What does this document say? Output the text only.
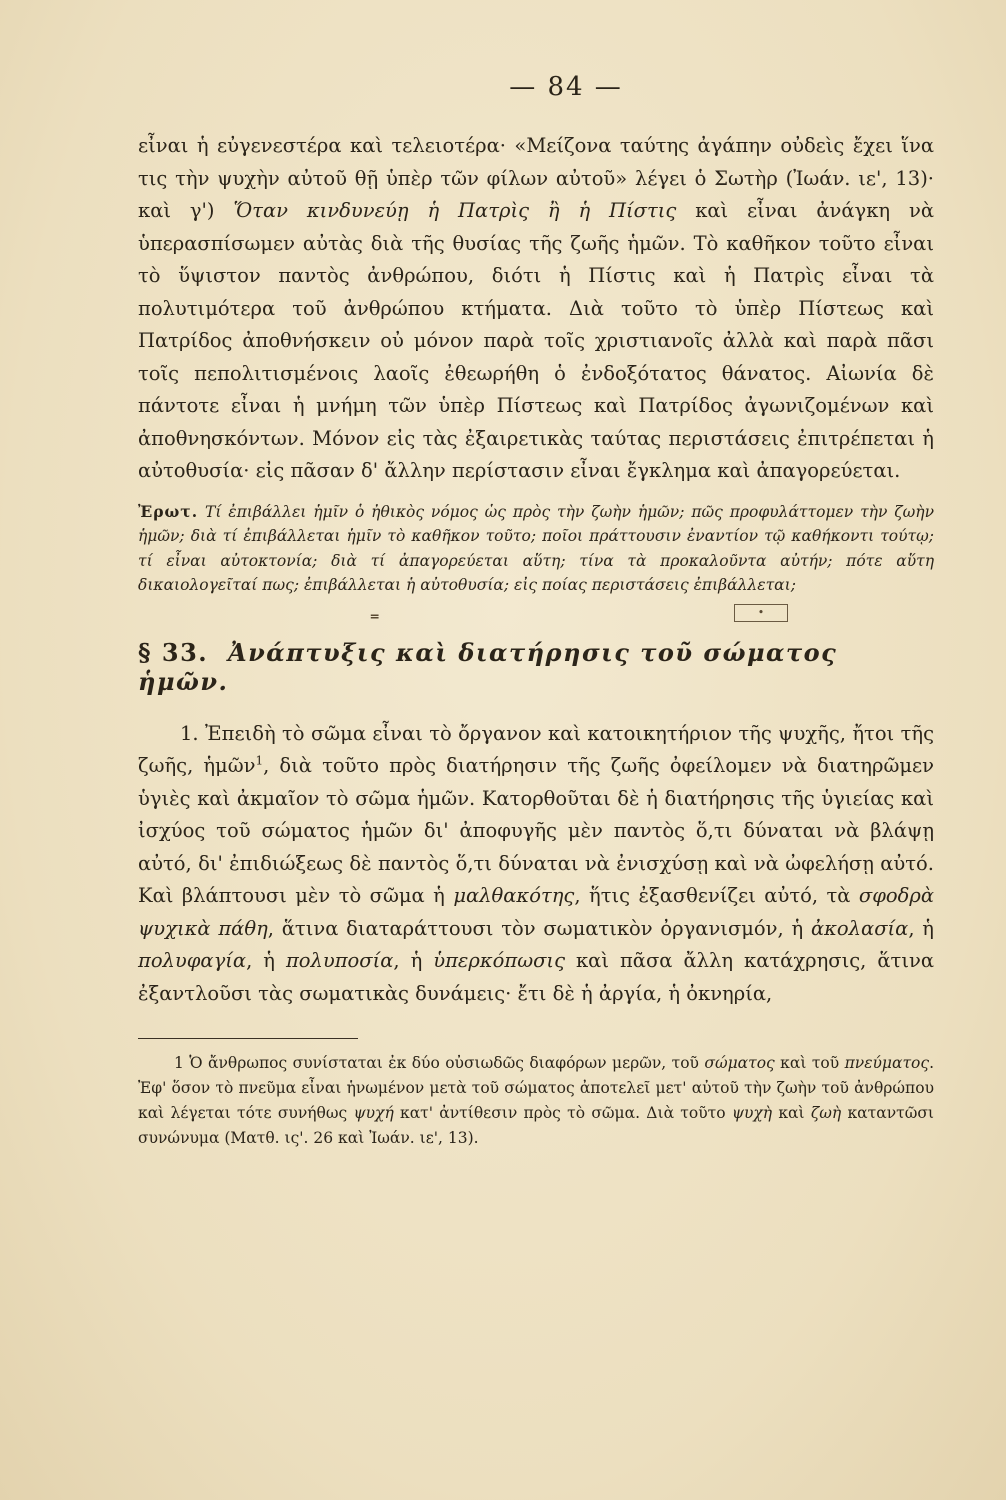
— 84 —

εἶναι ἡ εὐγενεστέρα καὶ τελειοτέρα· «Μείζονα ταύτης ἀγάπην οὐδεὶς ἔχει ἵνα τις τὴν ψυχὴν αὐτοῦ θῇ ὑπὲρ τῶν φίλων αὐτοῦ» λέγει ὁ Σωτὴρ (Ἰωάν. ιε', 13)· καὶ γ') Ὅταν κινδυνεύῃ ἡ Πατρὶς ἢ ἡ Πίστις καὶ εἶναι ἀνάγκη νὰ ὑπερασπίσωμεν αὐτὰς διὰ τῆς θυσίας τῆς ζωῆς ἡμῶν. Τὸ καθῆκον τοῦτο εἶναι τὸ ὕψιστον παντὸς ἀνθρώπου, διότι ἡ Πίστις καὶ ἡ Πατρὶς εἶναι τὰ πολυτιμότερα τοῦ ἀνθρώπου κτήματα. Διὰ τοῦτο τὸ ὑπὲρ Πίστεως καὶ Πατρίδος ἀποθνήσκειν οὐ μόνον παρὰ τοῖς χριστιανοῖς ἀλλὰ καὶ παρὰ πᾶσι τοῖς πεπολιτισμένοις λαοῖς ἐθεωρήθη ὁ ἐνδοξότατος θάνατος. Αἰωνία δὲ πάντοτε εἶναι ἡ μνήμη τῶν ὑπὲρ Πίστεως καὶ Πατρίδος ἀγωνιζομένων καὶ ἀποθνησκόντων. Μόνον εἰς τὰς ἐξαιρετικὰς ταύτας περιστάσεις ἐπιτρέπεται ἡ αὐτοθυσία· εἰς πᾶσαν δ' ἄλλην περίστασιν εἶναι ἔγκλημα καὶ ἀπαγορεύεται.

Ἐρωτ. Τί ἐπιβάλλει ἡμῖν ὁ ἠθικὸς νόμος ὡς πρὸς τὴν ζωὴν ἡμῶν; πῶς προφυλάττομεν τὴν ζωὴν ἡμῶν; διὰ τί ἐπιβάλλεται ἡμῖν τὸ καθῆκον τοῦτο; ποῖοι πράττουσιν ἐναντίον τῷ καθήκοντι τούτῳ; τί εἶναι αὐτοκτονία; διὰ τί ἀπαγορεύεται αὕτη; τίνα τὰ προκαλοῦντα αὐτήν; πότε αὕτη δικαιολογεῖταί πως; ἐπιβάλλεται ἡ αὐτοθυσία; εἰς ποίας περιστάσεις ἐπιβάλλεται;

᐀	•
§ 33. Ἀνάπτυξις καὶ διατήρησις τοῦ σώματος ἡμῶν.

1. Ἐπειδὴ τὸ σῶμα εἶναι τὸ ὄργανον καὶ κατοικητήριον τῆς ψυχῆς, ἤτοι τῆς ζωῆς, ἡμῶν$^1$, διὰ τοῦτο πρὸς διατήρησιν τῆς ζωῆς ὀφείλομεν νὰ διατηρῶμεν ὑγιὲς καὶ ἀκμαῖον τὸ σῶμα ἡμῶν. Κατορθοῦται δὲ ἡ διατήρησις τῆς ὑγιείας καὶ ἰσχύος τοῦ σώματος ἡμῶν δι' ἀποφυγῆς μὲν παντὸς ὅ,τι δύναται νὰ βλάψῃ αὐτό, δι' ἐπιδιώξεως δὲ παντὸς ὅ,τι δύναται νὰ ἐνισχύσῃ καὶ νὰ ὠφελήσῃ αὐτό. Καὶ βλάπτουσι μὲν τὸ σῶμα ἡ μαλθακότης, ἥτις ἐξασθενίζει αὐτό, τὰ σφοδρὰ ψυχικὰ πάθη, ἅτινα διαταράττουσι τὸν σωματικὸν ὀργανισμόν, ἡ ἀκολασία, ἡ πολυφαγία, ἡ πολυποσία, ἡ ὑπερκόπωσις καὶ πᾶσα ἄλλη κατάχρησις, ἅτινα ἐξαντλοῦσι τὰς σωματικὰς δυνάμεις· ἔτι δὲ ἡ ἀργία, ἡ ὀκνηρία,

1 Ὁ ἄνθρωπος συνίσταται ἐκ δύο οὐσιωδῶς διαφόρων μερῶν, τοῦ σώματος καὶ τοῦ πνεύματος. Ἐφ' ὅσον τὸ πνεῦμα εἶναι ἡνωμένον μετὰ τοῦ σώματος ἀποτελεῖ μετ' αὐτοῦ τὴν ζωὴν τοῦ ἀνθρώπου καὶ λέγεται τότε συνήθως ψυχή κατ' ἀντίθεσιν πρὸς τὸ σῶμα. Διὰ τοῦτο ψυχὴ καὶ ζωὴ καταντῶσι συνώνυμα (Ματθ. ις'. 26 καὶ Ἰωάν. ιε', 13).
